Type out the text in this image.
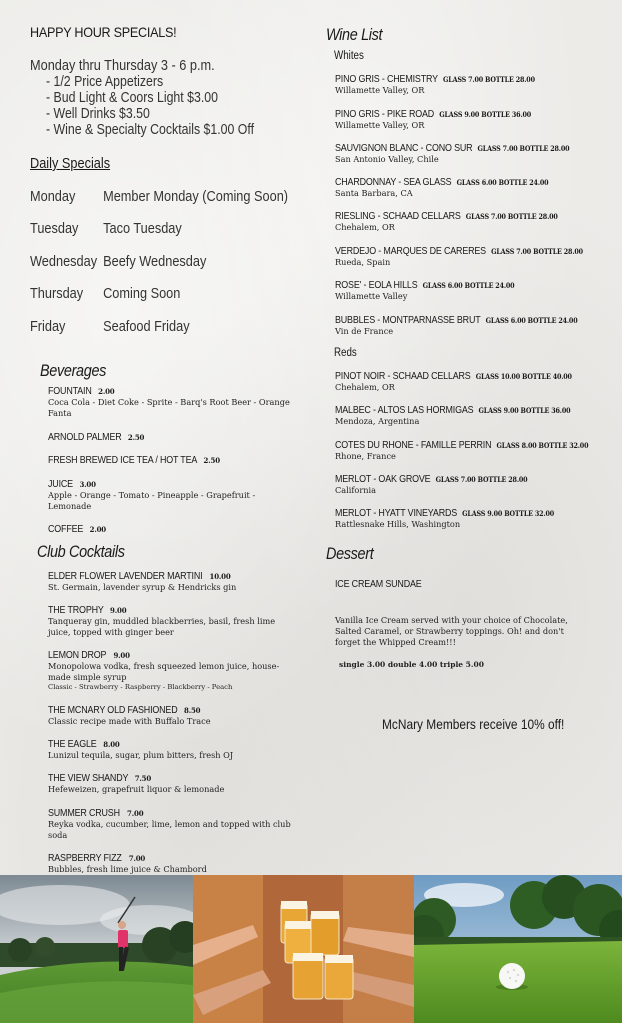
HAPPY HOUR SPECIALS!
Monday thru Thursday 3 - 6 p.m.
- 1/2 Price Appetizers
- Bud Light & Coors Light $3.00
- Well Drinks $3.50
- Wine & Specialty Cocktails $1.00 Off
Daily Specials
Monday Member Monday (Coming Soon)
Tuesday Taco Tuesday
Wednesday Beefy Wednesday
Thursday Coming Soon
Friday	Seafood Friday
Beverages
FOUNTAIN 2.00
Coca Cola - Diet Coke - Sprite - Barq's Root Beer - Orange Fanta
ARNOLD PALMER 2.50
FRESH BREWED ICE TEA / HOT TEA 2.50
JUICE 3.00
Apple - Orange - Tomato - Pineapple - Grapefruit - Lemonade
COFFEE 2.00
Club Cocktails
ELDER FLOWER LAVENDER MARTINI 10.00
St. Germain, lavender syrup & Hendricks gin
THE TROPHY 9.00
Tanqueray gin, muddled blackberries, basil, fresh lime juice, topped with ginger beer
LEMON DROP 9.00
Monopolowa vodka, fresh squeezed lemon juice, house-made simple syrup
Classic - Strawberry - Raspberry - Blackberry - Peach
THE MCNARY OLD FASHIONED 8.50
Classic recipe made with Buffalo Trace
THE EAGLE 8.00
Lunizul tequila, sugar, plum bitters, fresh OJ
THE VIEW SHANDY 7.50
Hefeweizen, grapefruit liquor & lemonade
SUMMER CRUSH 7.00
Reyka vodka, cucumber, lime, lemon and topped with club soda
RASPBERRY FIZZ 7.00
Bubbles, fresh lime juice & Chambord
Wine List
Whites
PINO GRIS - CHEMISTRY GLASS 7.00 BOTTLE 28.00
Willamette Valley, OR
PINO GRIS - PIKE ROAD GLASS 9.00 BOTTLE 36.00
Willamette Valley, OR
SAUVIGNON BLANC - CONO SUR GLASS 7.00 BOTTLE 28.00
San Antonio Valley, Chile
CHARDONNAY - SEA GLASS GLASS 6.00 BOTTLE 24.00
Santa Barbara, CA
RIESLING - SCHAAD CELLARS GLASS 7.00 BOTTLE 28.00
Chehalem, OR
VERDEJO - MARQUES DE CARERES GLASS 7.00 BOTTLE 28.00
Rueda, Spain
ROSE' - EOLA HILLS GLASS 6.00 BOTTLE 24.00
Willamette Valley
BUBBLES - MONTPARNASSE BRUT GLASS 6.00 BOTTLE 24.00
Vin de France
Reds
PINOT NOIR - SCHAAD CELLARS GLASS 10.00 BOTTLE 40.00
Chehalem, OR
MALBEC - ALTOS LAS HORMIGAS GLASS 9.00 BOTTLE 36.00
Mendoza, Argentina
COTES DU RHONE - FAMILLE PERRIN GLASS 8.00 BOTTLE 32.00
Rhone, France
MERLOT - OAK GROVE GLASS 7.00 BOTTLE 28.00
California
MERLOT - HYATT VINEYARDS GLASS 9.00 BOTTLE 32.00
Rattlesnake Hills, Washington
Dessert
ICE CREAM SUNDAE
Vanilla Ice Cream served with your choice of Chocolate, Salted Caramel, or Strawberry toppings. Oh! and don't forget the Whipped Cream!!!
single 3.00 double 4.00 triple 5.00
McNary Members receive 10% off!
